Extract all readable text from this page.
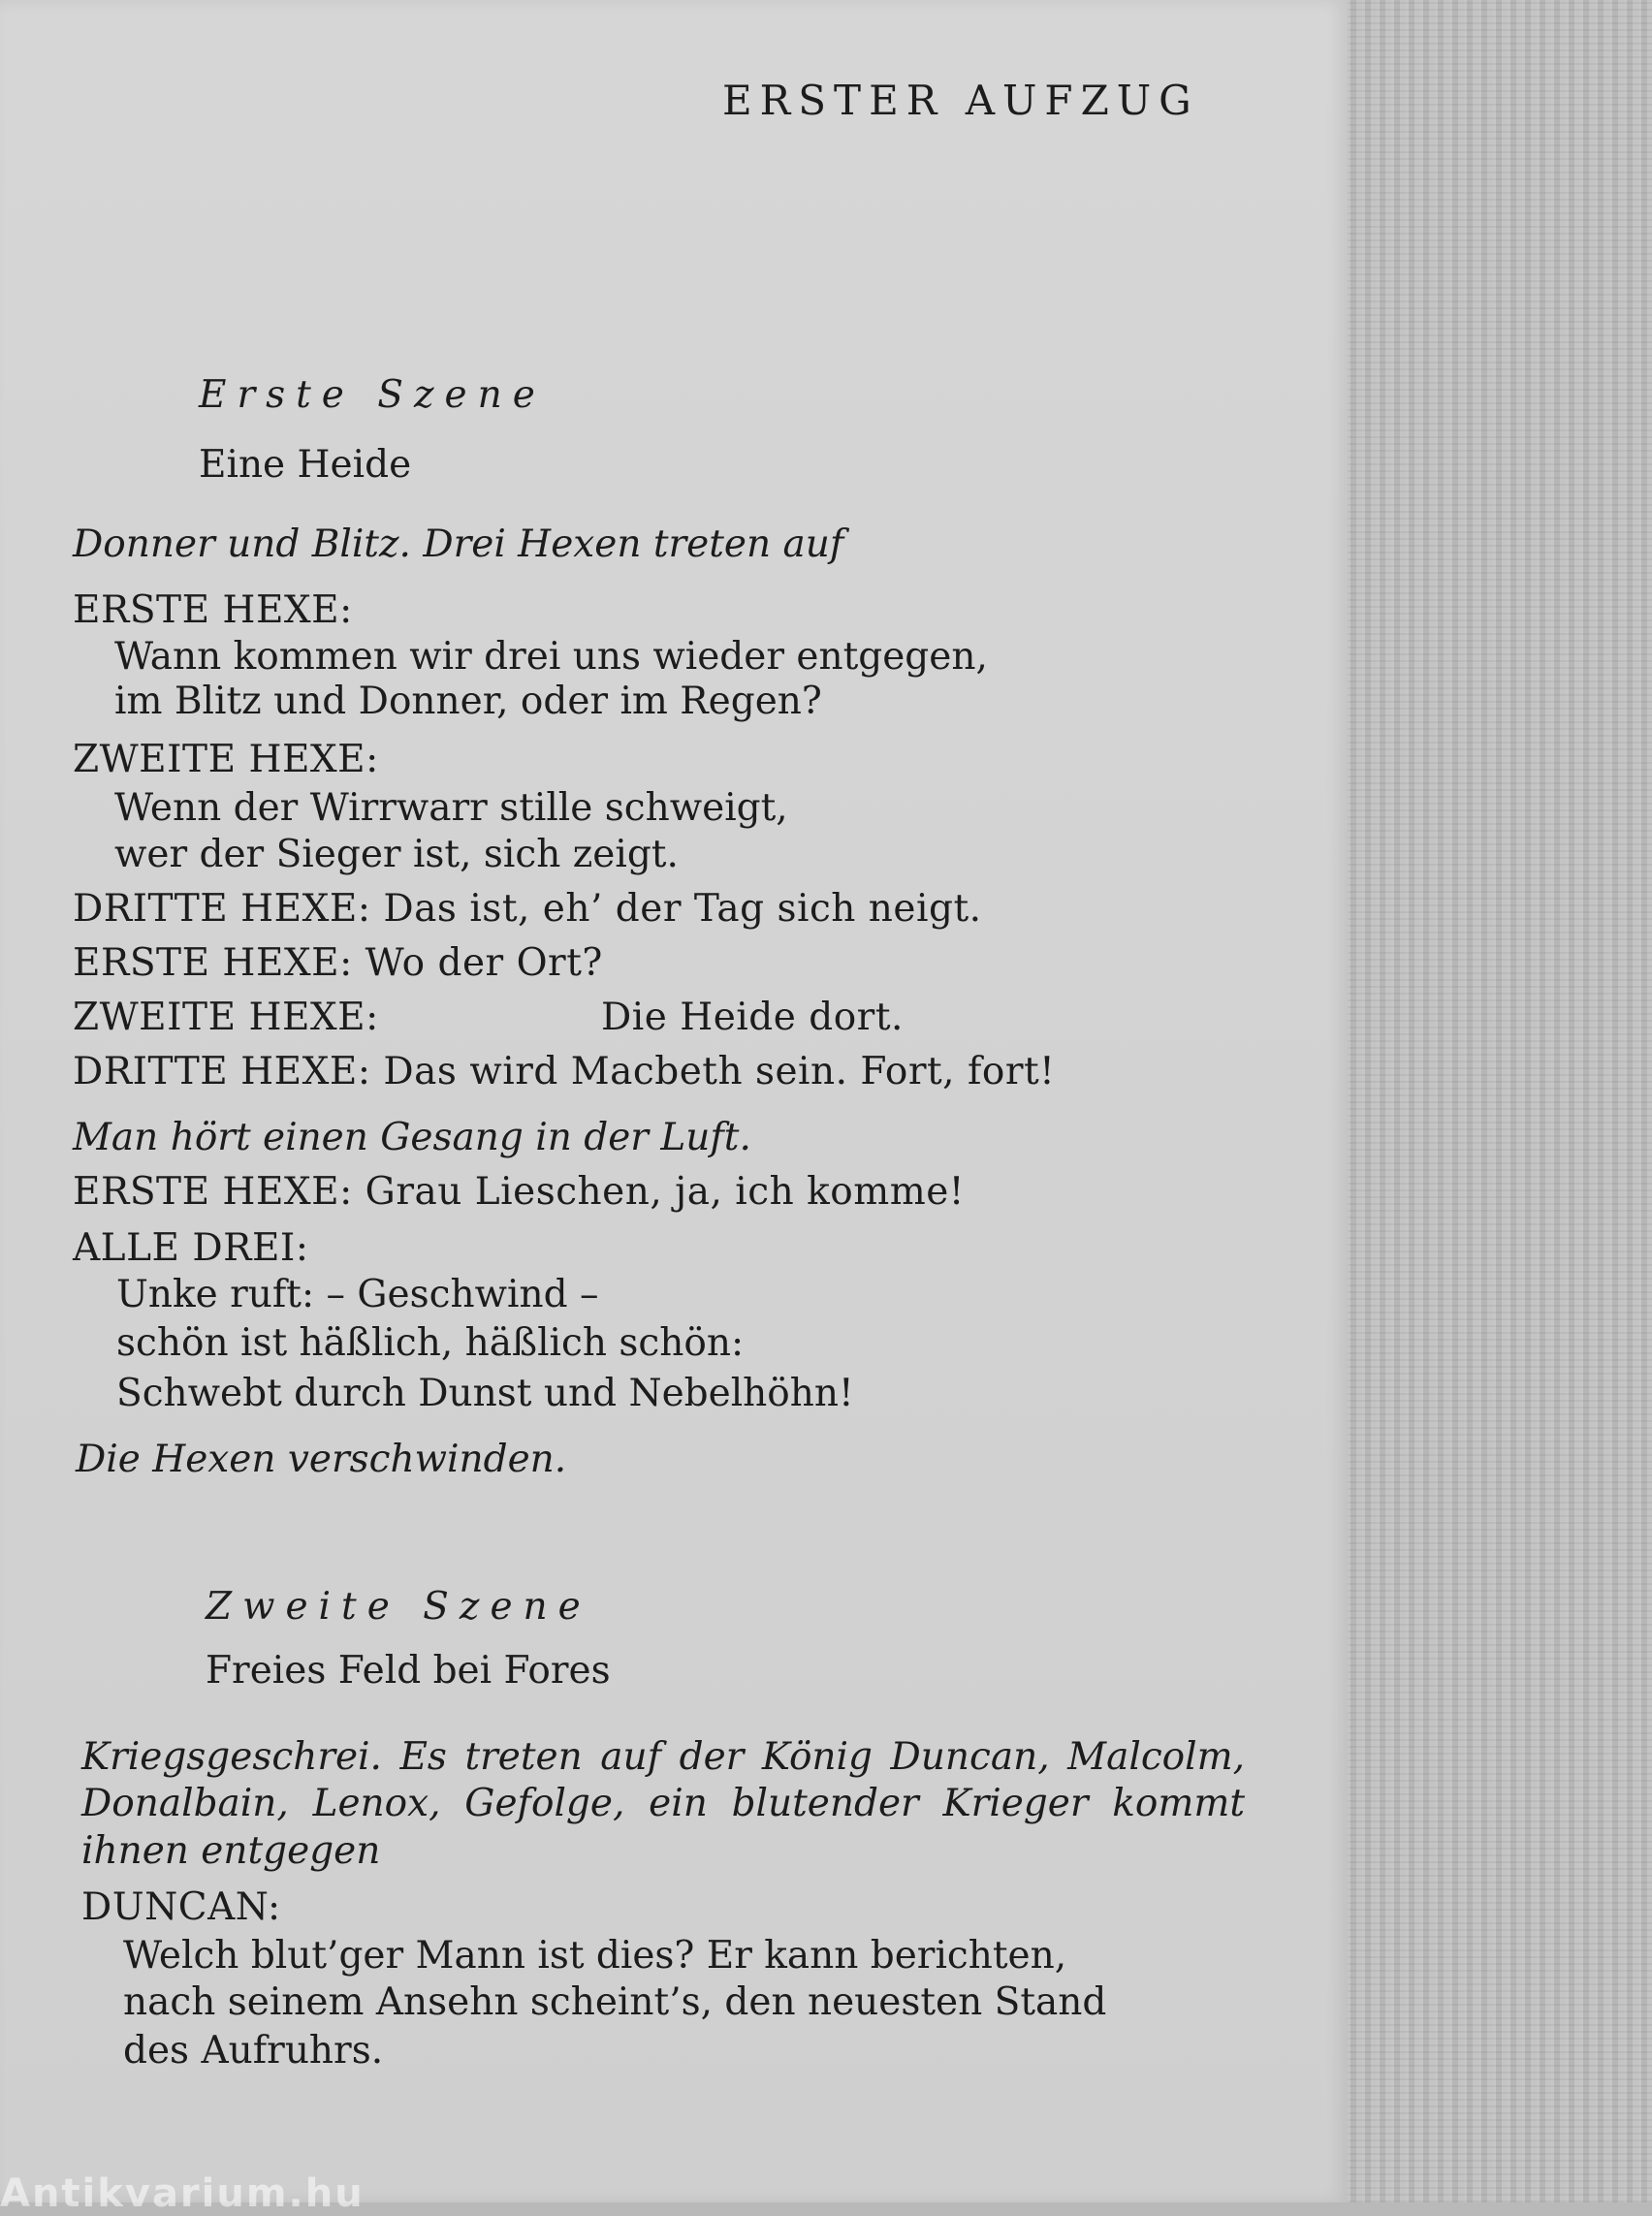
ERSTER AUFZUG

Erste Szene

Eine Heide

Donner und Blitz. Drei Hexen treten auf

ERSTE HEXE:

Wann kommen wir drei uns wieder entgegen,

im Blitz und Donner, oder im Regen?

ZWEITE HEXE:

Wenn der Wirrwarr stille schweigt,

wer der Sieger ist, sich zeigt.

DRITTE HEXE: Das ist, eh’ der Tag sich neigt.

ERSTE HEXE: Wo der Ort?

ZWEITE HEXE:	Die Heide dort.

DRITTE HEXE: Das wird Macbeth sein. Fort, fort!

Man hört einen Gesang in der Luft.

ERSTE HEXE: Grau Lieschen, ja, ich komme!

ALLE DREI:

Unke ruft: – Geschwind –

schön ist häßlich, häßlich schön:

Schwebt durch Dunst und Nebelhöhn!

Die Hexen verschwinden.

Zweite Szene

Freies Feld bei Fores

Kriegsgeschrei. Es treten auf der König Duncan, Malcolm,

Donalbain, Lenox, Gefolge, ein blutender Krieger kommt

ihnen entgegen

DUNCAN:

Welch blut’ger Mann ist dies? Er kann berichten,

nach seinem Ansehn scheint’s, den neuesten Stand

des Aufruhrs.

Antikvarium.hu
